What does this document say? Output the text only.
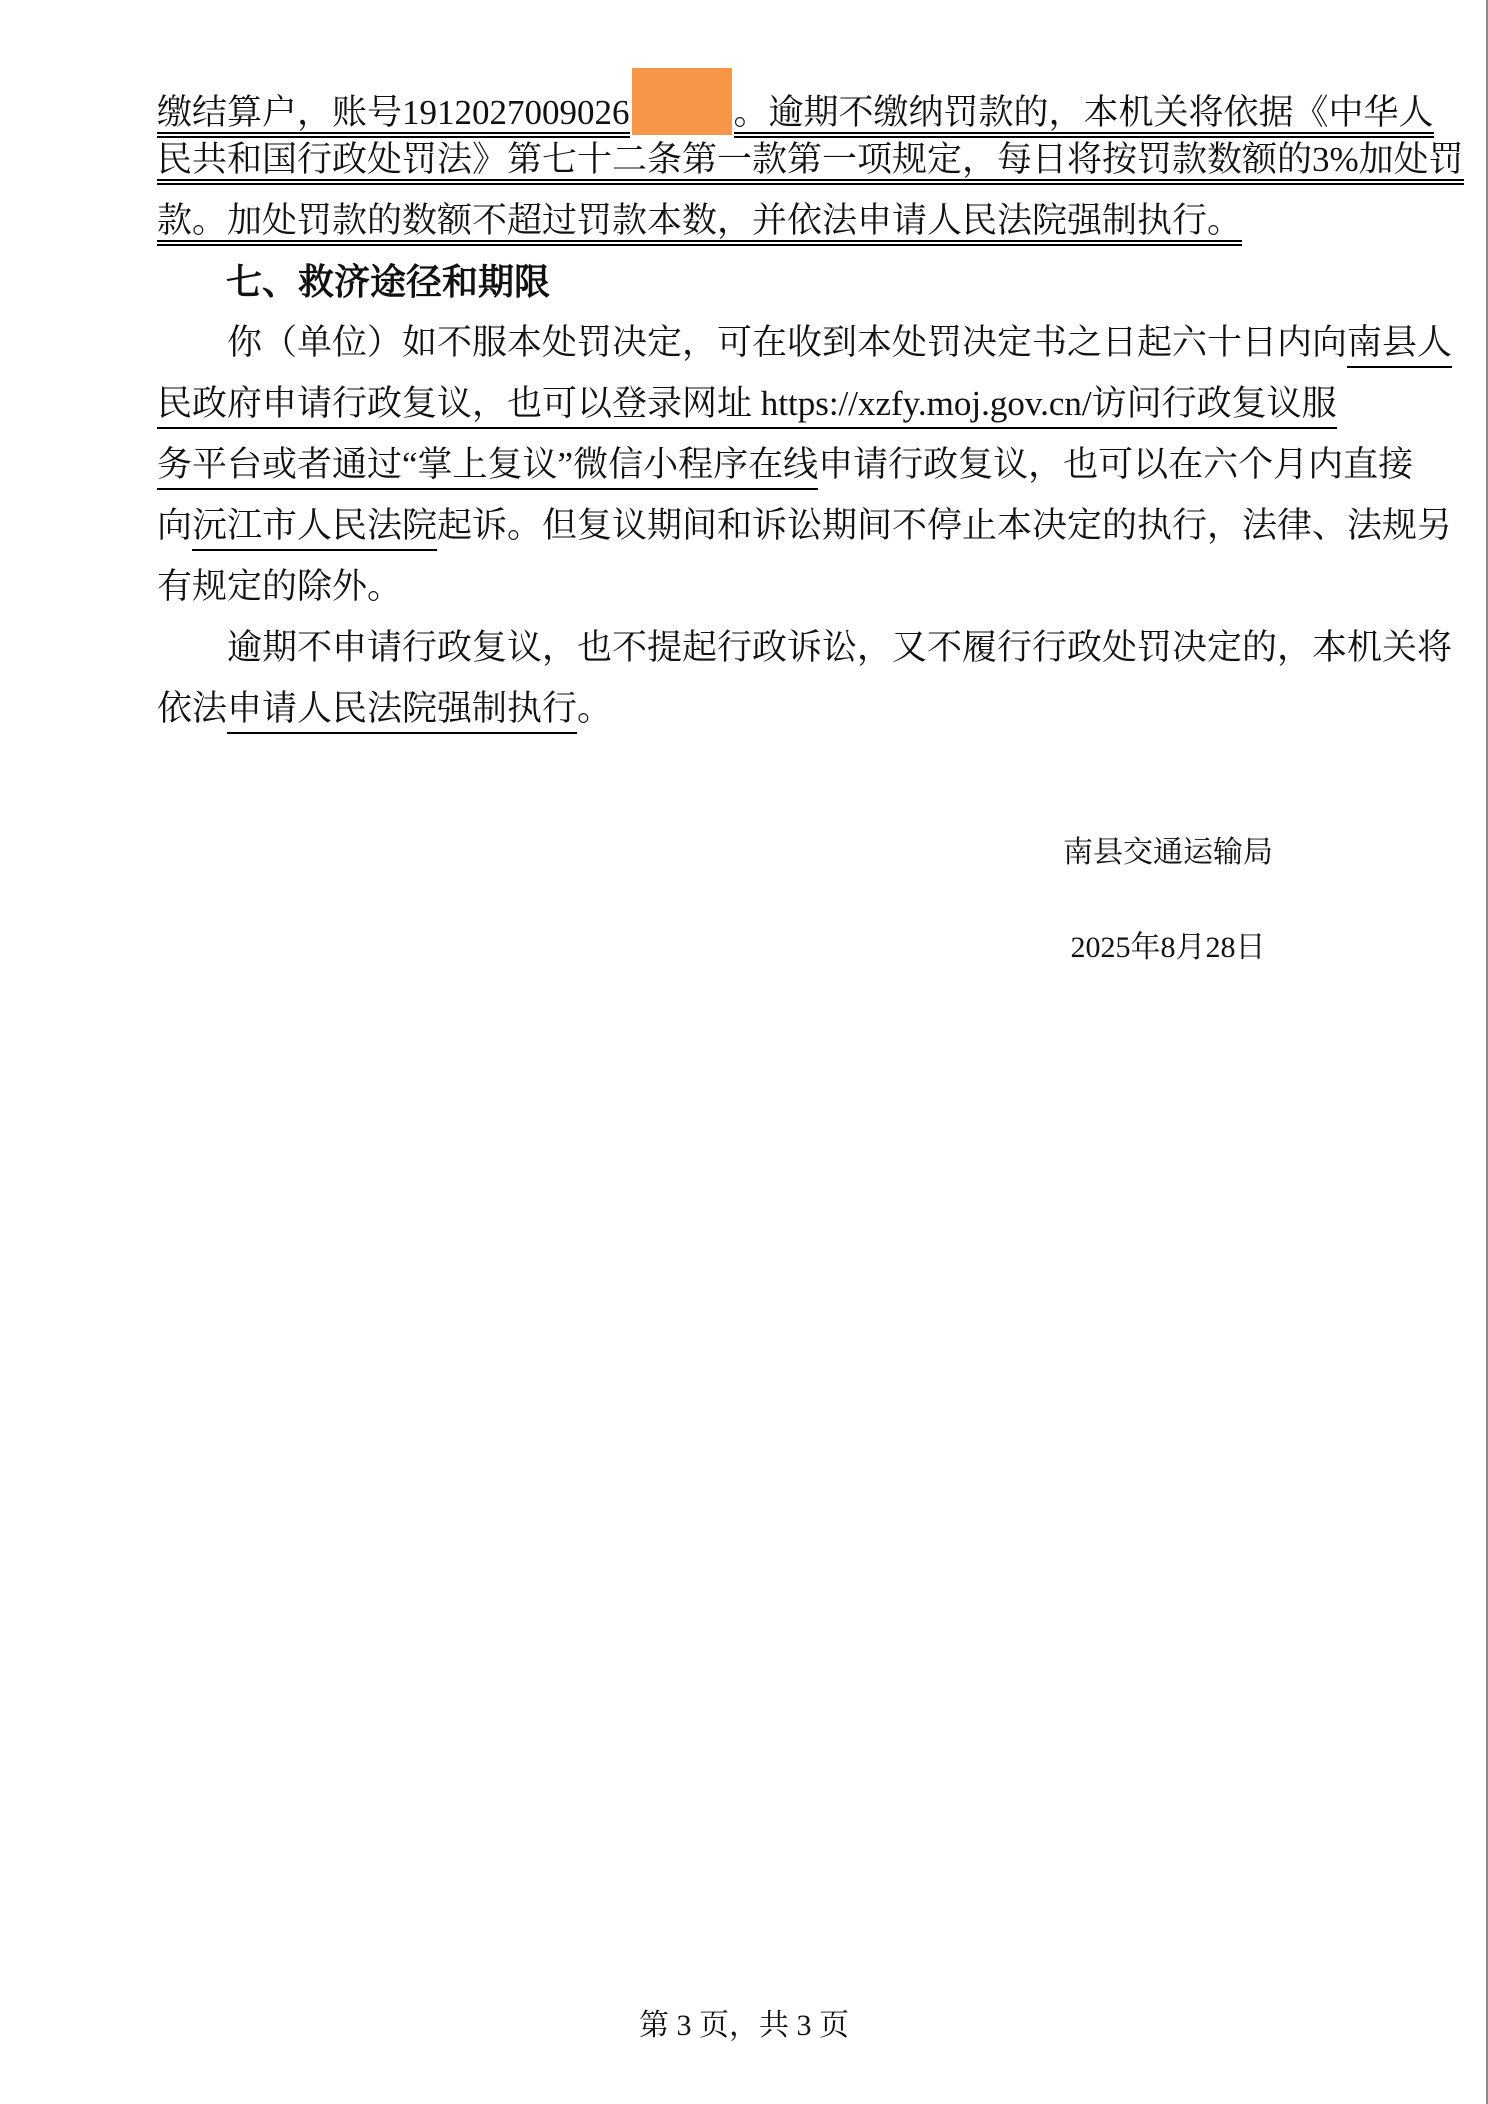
缴结算户，账号1912027009026	。逾期不缴纳罚款的，本机关将依据《中华人
民共和国行政处罚法》第七十二条第一款第一项规定，每日将按罚款数额的3%加处罚
款。加处罚款的数额不超过罚款本数，并依法申请人民法院强制执行。
七、救济途径和期限
你（单位）如不服本处罚决定，可在收到本处罚决定书之日起六十日内向南县人
民政府申请行政复议，也可以登录网址 https://xzfy.moj.gov.cn/访问行政复议服
务平台或者通过“掌上复议”微信小程序在线申请行政复议，也可以在六个月内直接
向沅江市人民法院起诉。但复议期间和诉讼期间不停止本决定的执行，法律、法规另
有规定的除外。
逾期不申请行政复议，也不提起行政诉讼，又不履行行政处罚决定的，本机关将
依法申请人民法院强制执行。
南县交通运输局
2025年8月28日
第 3 页，共 3 页
